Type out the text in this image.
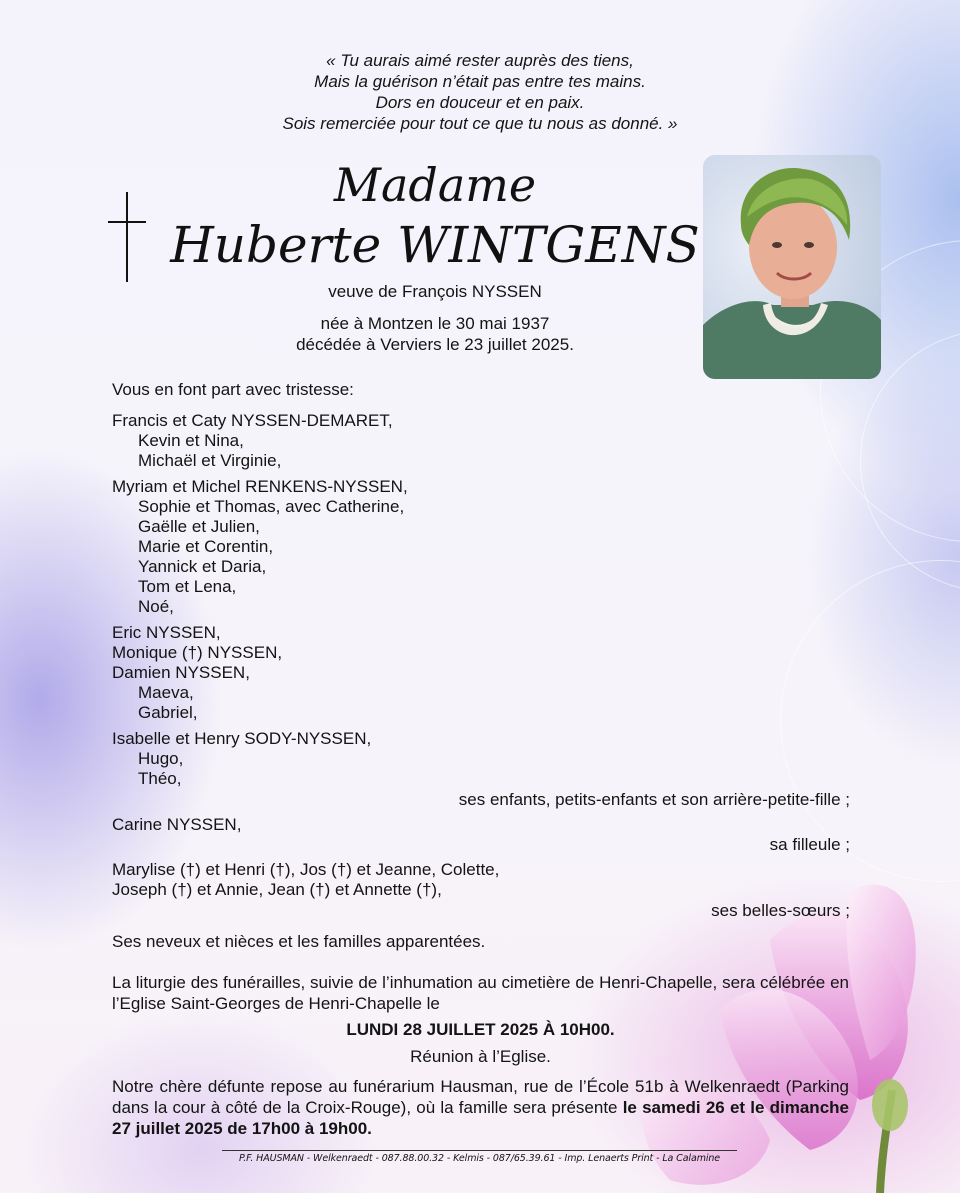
« Tu aurais aimé rester auprès des tiens,
Mais la guérison n’était pas entre tes mains.
Dors en douceur et en paix.
Sois remerciée pour tout ce que tu nous as donné. »
Madame
Huberte WINTGENS
veuve de François NYSSEN
née à Montzen le 30 mai 1937
décédée à Verviers le 23 juillet 2025.
Vous en font part avec tristesse:
Francis et Caty NYSSEN-DEMARET,
Kevin et Nina,
Michaël et Virginie,
Myriam et Michel RENKENS-NYSSEN,
Sophie et Thomas, avec Catherine,
Gaëlle et Julien,
Marie et Corentin,
Yannick et Daria,
Tom et Lena,
Noé,
Eric NYSSEN,
Monique (†) NYSSEN,
Damien NYSSEN,
Maeva,
Gabriel,
Isabelle et Henry SODY-NYSSEN,
Hugo,
Théo,
ses enfants, petits-enfants et son arrière-petite-fille ;
Carine NYSSEN,
sa filleule ;
Marylise (†) et Henri (†), Jos (†) et Jeanne, Colette,
Joseph (†) et Annie, Jean (†) et Annette (†),
ses belles-sœurs ;
Ses neveux et nièces et les familles apparentées.
La liturgie des funérailles, suivie de l’inhumation au cimetière de Henri-Chapelle, sera célébrée en l’Eglise Saint-Georges de Henri-Chapelle le
LUNDI 28 JUILLET 2025 À 10H00.
Réunion à l’Eglise.
Notre chère défunte repose au funérarium Hausman, rue de l’École 51b à Welkenraedt (Parking dans la cour à côté de la Croix-Rouge), où la famille sera présente le samedi 26 et le dimanche 27 juillet 2025 de 17h00 à 19h00.
P.F. HAUSMAN - Welkenraedt - 087.88.00.32 - Kelmis - 087/65.39.61 - Imp. Lenaerts Print - La Calamine
